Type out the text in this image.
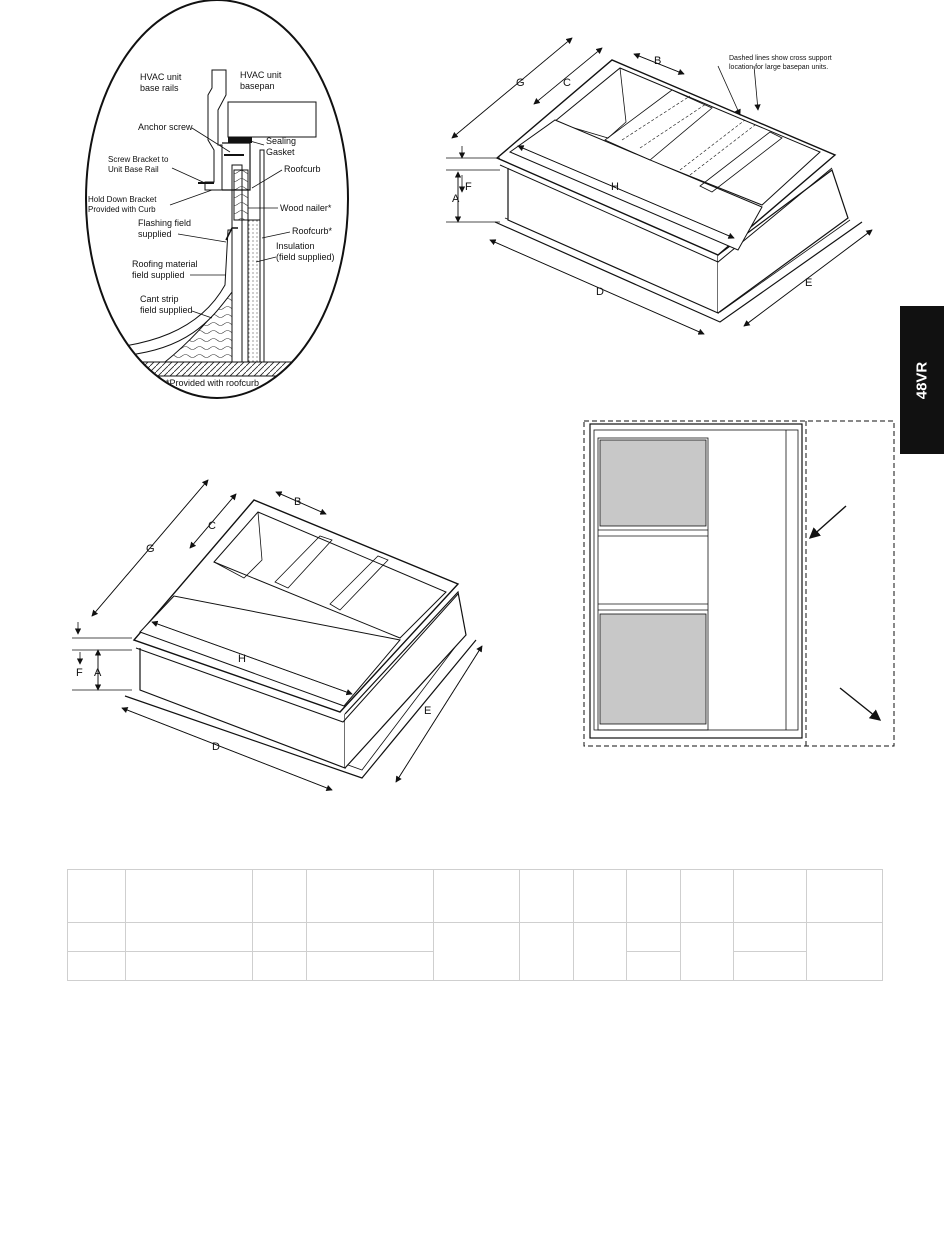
48VR
HVAC unit base rails
HVAC unit basepan
Anchor screw
Sealing Gasket
Screw Bracket to Unit Base Rail	Roofcurb
Hold Down Bracket Provided with Curb	Wood nailer*
Flashing field supplied	Roofcurb*
Insulation (field supplied)
Roofing material field supplied
Cant strip field supplied
*Provided with roofcurb
G	C
B
H
D
E
A
F
Dashed lines show cross support location for large basepan units.
G
C
B
H
D
E
A
F
